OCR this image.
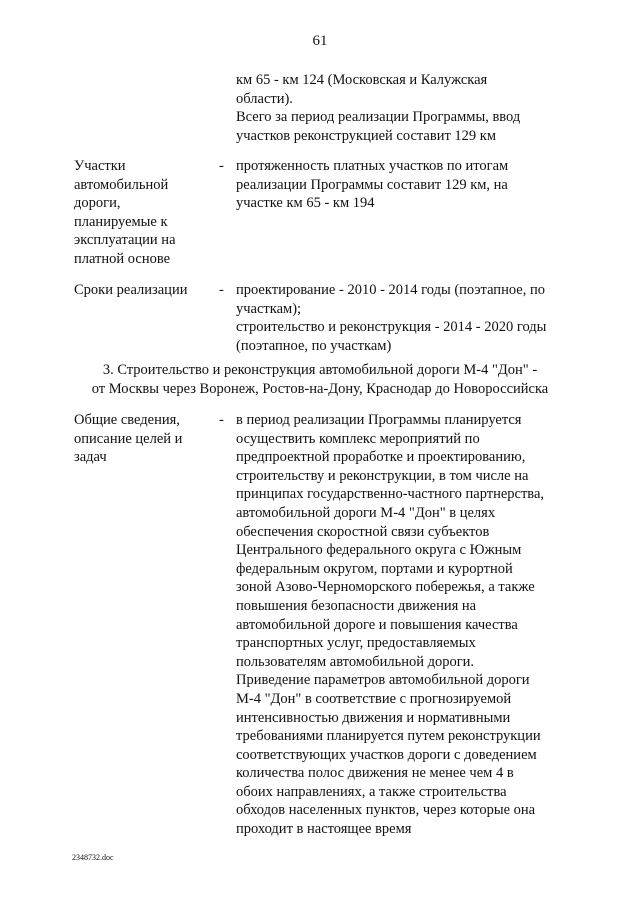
61
км 65 - км 124 (Московская и Калужская
области).
Всего за период реализации Программы, ввод
участков реконструкцией составит 129 км
Участки
автомобильной
дороги,
планируемые к
эксплуатации на
платной основе
- протяженность платных участков по итогам
реализации Программы составит 129 км, на
участке км 65 - км 194
Сроки реализации	- проектирование - 2010 - 2014 годы (поэтапное, по
участкам);
строительство и реконструкция - 2014 - 2020 годы
(поэтапное, по участкам)
3. Строительство и реконструкция автомобильной дороги М-4 "Дон" -
от Москвы через Воронеж, Ростов-на-Дону, Краснодар до Новороссийска
Общие сведения,
описание целей и
задач
- в период реализации Программы планируется
осуществить комплекс мероприятий по
предпроектной проработке и проектированию,
строительству и реконструкции, в том числе на
принципах государственно-частного партнерства,
автомобильной дороги М-4 "Дон" в целях
обеспечения скоростной связи субъектов
Центрального федерального округа с Южным
федеральным округом, портами и курортной
зоной Азово-Черноморского побережья, а также
повышения безопасности движения на
автомобильной дороге и повышения качества
транспортных услуг, предоставляемых
пользователям автомобильной дороги.
Приведение параметров автомобильной дороги
М-4 "Дон" в соответствие с прогнозируемой
интенсивностью движения и нормативными
требованиями планируется путем реконструкции
соответствующих участков дороги с доведением
количества полос движения не менее чем 4 в
обоих направлениях, а также строительства
обходов населенных пунктов, через которые она
проходит в настоящее время
2348732.doc
